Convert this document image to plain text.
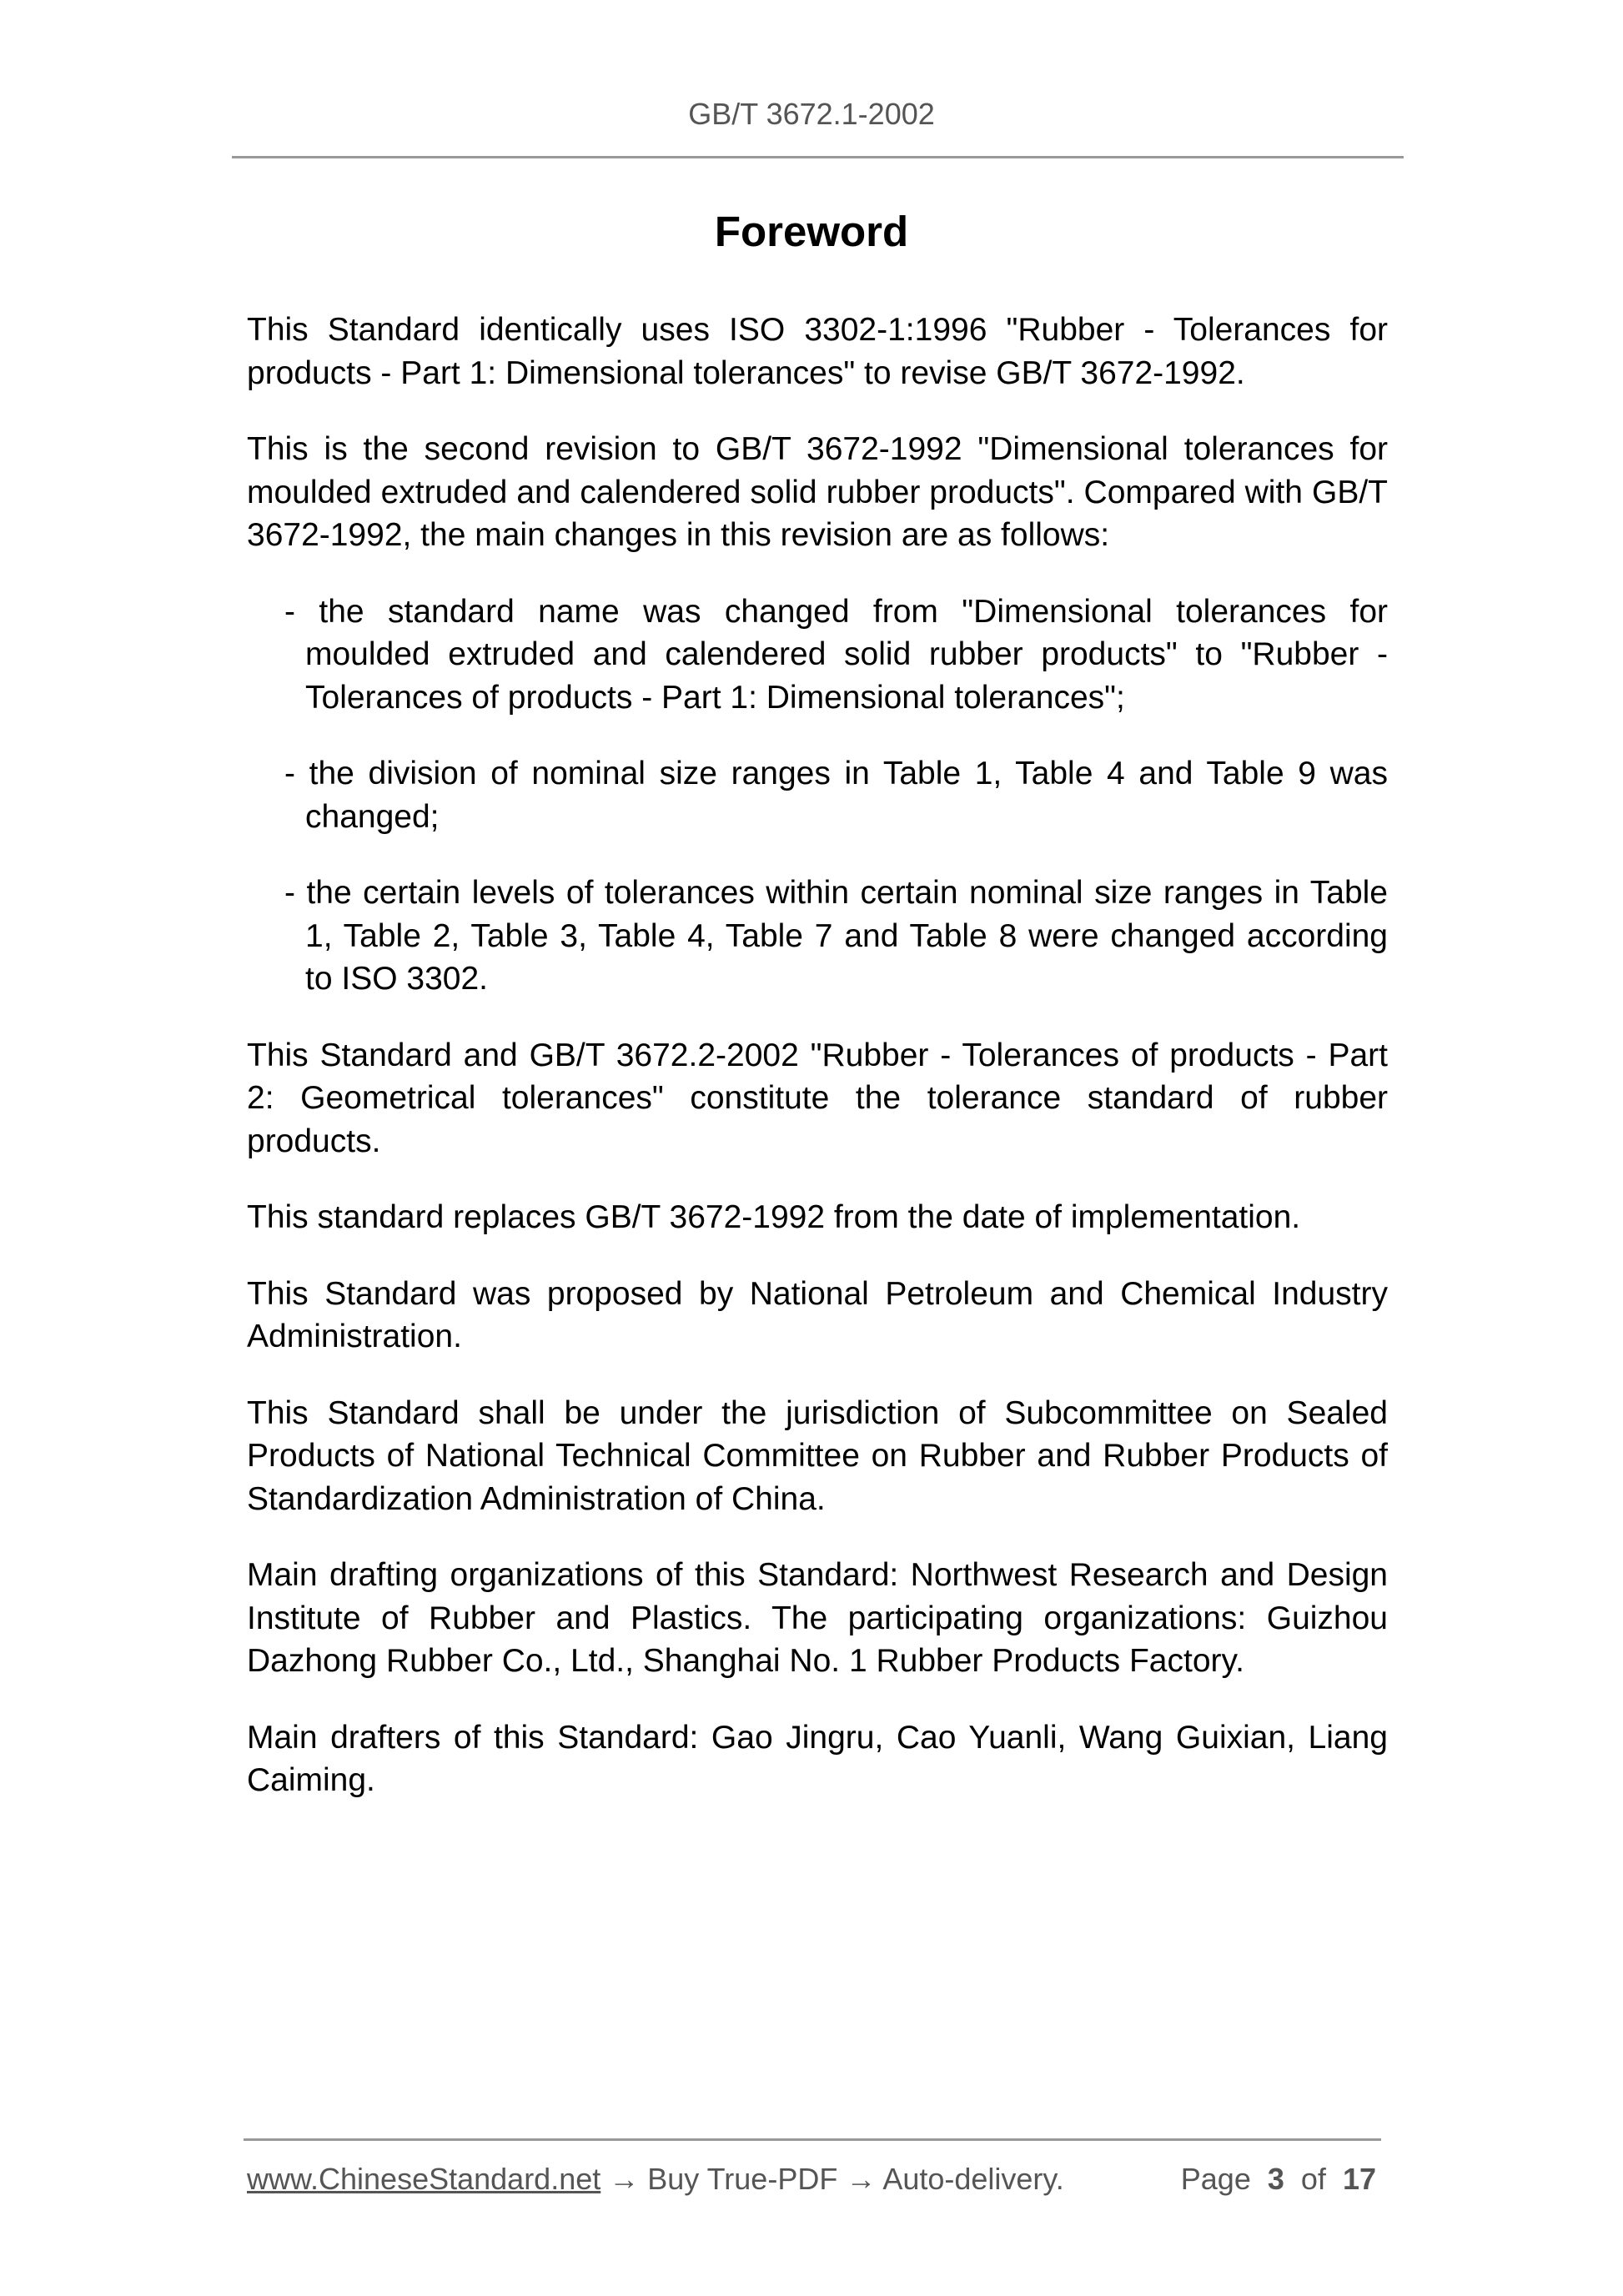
GB/T 3672.1-2002
Foreword

This Standard identically uses ISO 3302-1:1996 "Rubber - Tolerances for products - Part 1: Dimensional tolerances" to revise GB/T 3672-1992.

This is the second revision to GB/T 3672-1992 "Dimensional tolerances for moulded extruded and calendered solid rubber products". Compared with GB/T 3672-1992, the main changes in this revision are as follows:

- the standard name was changed from "Dimensional tolerances for moulded extruded and calendered solid rubber products" to "Rubber - Tolerances of products - Part 1: Dimensional tolerances";

- the division of nominal size ranges in Table 1, Table 4 and Table 9 was changed;

- the certain levels of tolerances within certain nominal size ranges in Table 1, Table 2, Table 3, Table 4, Table 7 and Table 8 were changed according to ISO 3302.

This Standard and GB/T 3672.2-2002 "Rubber - Tolerances of products - Part 2: Geometrical tolerances" constitute the tolerance standard of rubber products.

This standard replaces GB/T 3672-1992 from the date of implementation.

This Standard was proposed by National Petroleum and Chemical Industry Administration.

This Standard shall be under the jurisdiction of Subcommittee on Sealed Products of National Technical Committee on Rubber and Rubber Products of Standardization Administration of China.

Main drafting organizations of this Standard: Northwest Research and Design Institute of Rubber and Plastics. The participating organizations: Guizhou Dazhong Rubber Co., Ltd., Shanghai No. 1 Rubber Products Factory.

Main drafters of this Standard: Gao Jingru, Cao Yuanli, Wang Guixian, Liang Caiming.

www.ChineseStandard.net → Buy True-PDF → Auto-delivery.	Page 3 of 17
